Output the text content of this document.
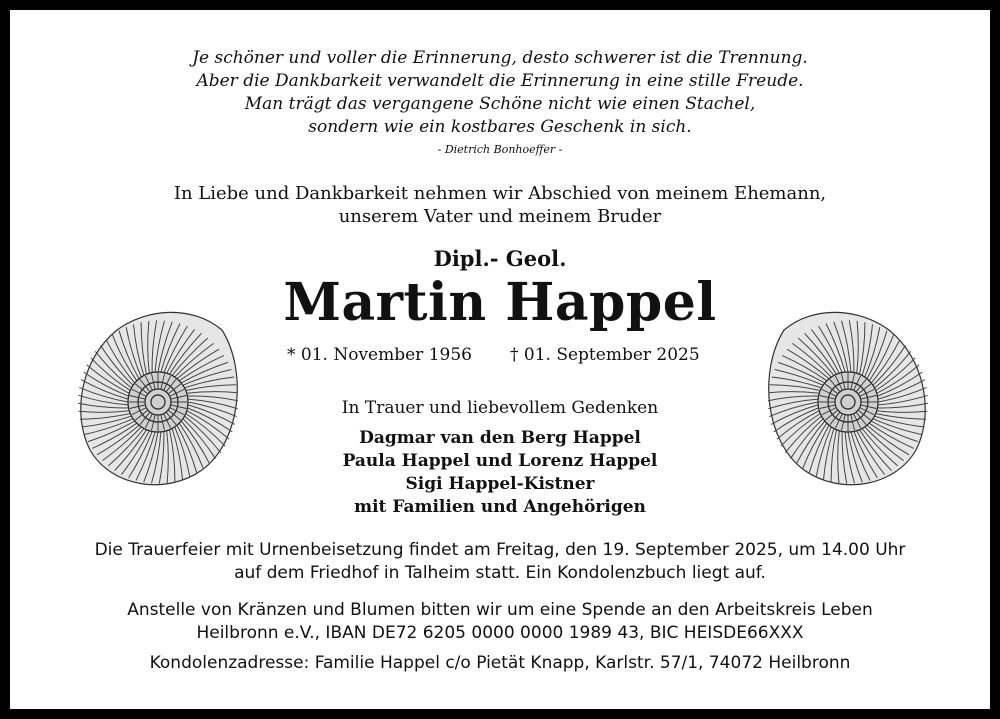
Je schöner und voller die Erinnerung, desto schwerer ist die Trennung.
Aber die Dankbarkeit verwandelt die Erinnerung in eine stille Freude.
Man trägt das vergangene Schöne nicht wie einen Stachel,
sondern wie ein kostbares Geschenk in sich.
- Dietrich Bonhoeffer -
In Liebe und Dankbarkeit nehmen wir Abschied von meinem Ehemann,
unserem Vater und meinem Bruder
Dipl.- Geol.
Martin Happel
* 01. November 1956 † 01. September 2025
In Trauer und liebevollem Gedenken
Dagmar van den Berg Happel
Paula Happel und Lorenz Happel
Sigi Happel-Kistner
mit Familien und Angehörigen
Die Trauerfeier mit Urnenbeisetzung findet am Freitag, den 19. September 2025, um 14.00 Uhr
auf dem Friedhof in Talheim statt. Ein Kondolenzbuch liegt auf.
Anstelle von Kränzen und Blumen bitten wir um eine Spende an den Arbeitskreis Leben
Heilbronn e.V., IBAN DE72 6205 0000 0000 1989 43, BIC HEISDE66XXX
Kondolenzadresse: Familie Happel c/o Pietät Knapp, Karlstr. 57/1, 74072 Heilbronn
